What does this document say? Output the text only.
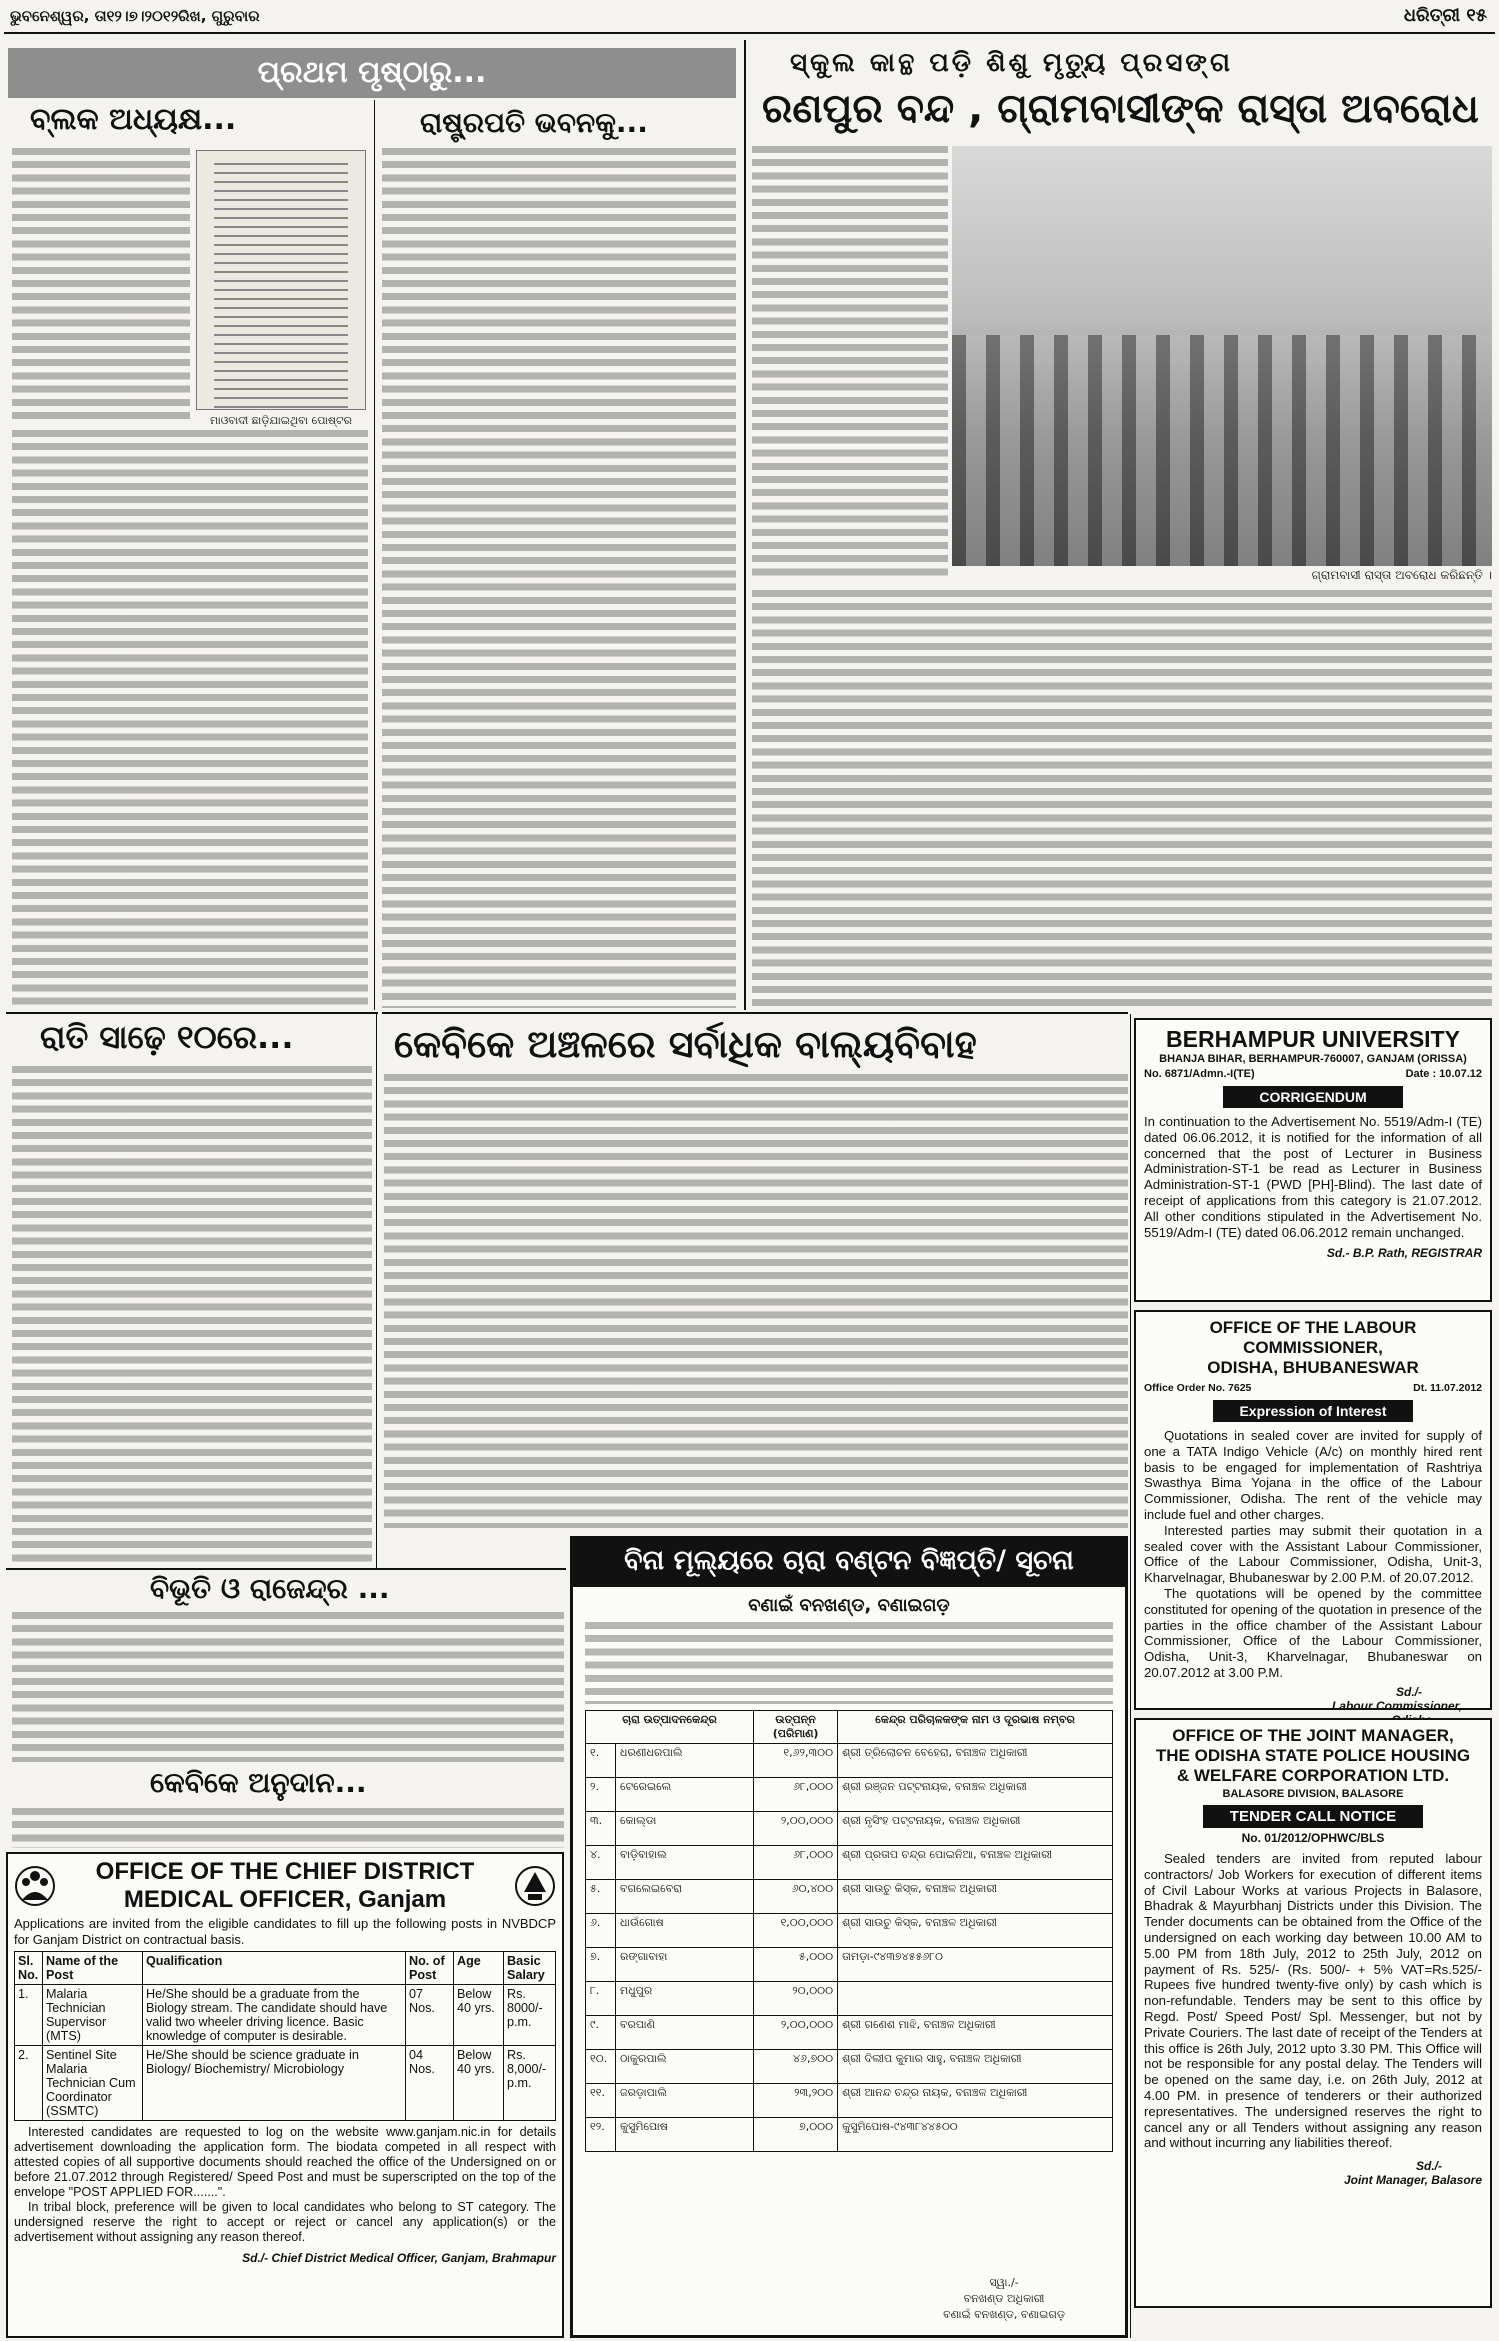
ଭୁବନେଶ୍ୱର, ତା୧୨।୭।୨୦୧୨ରିଖ, ଗୁରୁବାର	ଧରିତ୍ରୀ ୧୫
ପ୍ରଥମ ପୃଷ୍ଠାରୁ...
ବ୍ଲକ ଅଧ୍ୟକ୍ଷ...	ରାଷ୍ଟ୍ରପତି ଭବନକୁ...
ମାଓବାଦୀ ଛାଡ଼ିଯାଇଥିବା ପୋଷ୍ଟର
ରାତି ସାଢ଼େ ୧୦ରେ...
ବିଭୂତି ଓ ରାଜେନ୍ଦ୍ର ...
କେବିକେ ଅନୁଦାନ...
ସ୍କୁଲ କାନ୍ଥ ପଡ଼ି ଶିଶୁ ମୃତ୍ୟୁ ପ୍ରସଙ୍ଗ
ରଣପୁର ବନ୍ଦ , ଗ୍ରାମବାସୀଙ୍କ ରାସ୍ତା ଅବରୋଧ
ଗ୍ରାମବାସୀ ରାସ୍ତା ଅବରୋଧ କରିଛନ୍ତି ।
କେବିକେ ଅଞ୍ଚଳରେ ସର୍ବାଧିକ ବାଲ୍ୟବିବାହ	BERHAMPUR UNIVERSITY
BHANJA BIHAR, BERHAMPUR-760007, GANJAM (ORISSA)
No. 6871/Admn.-I(TE)	Date : 10.07.12
CORRIGENDUM

In continuation to the Advertisement No. 5519/Adm-I (TE) dated 06.06.2012, it is notified for the information of all concerned that the post of Lecturer in Business Administration-ST-1 be read as Lecturer in Business Administration-ST-1 (PWD [PH]-Blind). The last date of receipt of applications from this category is 21.07.2012. All other conditions stipulated in the Advertisement No. 5519/Adm-I (TE) dated 06.06.2012 remain unchanged.

Sd.- B.P. Rath, REGISTRAR
OFFICE OF THE LABOUR COMMISSIONER,
ODISHA, BHUBANESWAR
Office Order No. 7625	Dt. 11.07.2012
Expression of Interest

Quotations in sealed cover are invited for supply of one a TATA Indigo Vehicle (A/c) on monthly hired rent basis to be engaged for implementation of Rashtriya Swasthya Bima Yojana in the office of the Labour Commissioner, Odisha. The rent of the vehicle may include fuel and other charges.

Interested parties may submit their quotation in a sealed cover with the Assistant Labour Commissioner, Office of the Labour Commissioner, Odisha, Unit-3, Kharvelnagar, Bhubaneswar by 2.00 P.M. of 20.07.2012.

The quotations will be opened by the committee constituted for opening of the quotation in presence of the parties in the office chamber of the Assistant Labour Commissioner, Office of the Labour Commissioner, Odisha, Unit-3, Kharvelnagar, Bhubaneswar on 20.07.2012 at 3.00 P.M.

Sd./-
Labour Commissioner,
OFFICE OF THE JOINT MANAGER,
THE ODISHA STATE POLICE HOUSING
& WELFARE CORPORATION LTD.
BALASORE DIVISION, BALASORE
TENDER CALL NOTICE
No. 01/2012/OPHWC/BLS

Sealed tenders are invited from reputed labour contractors/ Job Workers for execution of different items of Civil Labour Works at various Projects in Balasore, Bhadrak & Mayurbhanj Districts under this Division. The Tender documents can be obtained from the Office of the undersigned on each working day between 10.00 AM to 5.00 PM from 18th July, 2012 to 25th July, 2012 on payment of Rs. 525/- (Rs. 500/- + 5% VAT=Rs.525/- Rupees five hundred twenty-five only) by cash which is non-refundable. Tenders may be sent to this office by Regd. Post/ Speed Post/ Spl. Messenger, but not by Private Couriers. The last date of receipt of the Tenders at this office is 26th July, 2012 upto 3.30 PM. This Office will not be responsible for any postal delay. The Tenders will be opened on the same day, i.e. on 26th July, 2012 at 4.00 PM. in presence of tenderers or their authorized representatives. The undersigned reserves the right to cancel any or all Tenders without assigning any reason and without incurring any liabilities thereof.

Sd./-
Joint Manager, Balasore
OFFICE OF THE CHIEF DISTRICT
MEDICAL OFFICER, Ganjam

Applications are invited from the eligible candidates to fill up the following posts in NVBDCP for Ganjam District on contractual basis.

Sl. No.	Name of the Post	Qualification	No. of Post	Age	Basic Salary
1.	Malaria Technician Supervisor (MTS)	He/She should be a graduate from the Biology stream. The candidate should have valid two wheeler driving licence. Basic knowledge of computer is desirable.	07 Nos.	Below 40 yrs.	Rs. 8000/- p.m.
2.	Sentinel Site Malaria Technician Cum Coordinator (SSMTC)	He/She should be science graduate in Biology/ Biochemistry/ Microbiology	04 Nos.	Below 40 yrs.	Rs. 8,000/- p.m.

Interested candidates are requested to log on the website www.ganjam.nic.in for details advertisement downloading the application form. The biodata competed in all respect with attested copies of all supportive documents should reached the office of the Undersigned on or before 21.07.2012 through Registered/ Speed Post and must be superscripted on the top of the envelope "POST APPLIED FOR.......".

In tribal block, preference will be given to local candidates who belong to ST category. The undersigned reserve the right to accept or reject or cancel any application(s) or the advertisement without assigning any reason thereof.

Sd./- Chief District Medical Officer, Ganjam, Brahmapur
ବିନା ମୂଲ୍ୟରେ ଚାରା ବଣ୍ଟନ ବିଜ୍ଞପ୍ତି/ ସୂଚନା
ବଣାଇଁ ବନଖଣ୍ଡ, ବଣାଇଗଡ଼
ଚାରା ଉତ୍ପାଦନକେନ୍ଦ୍ର		ଉତ୍ପନ୍ନ (ପରିମାଣ)	କେନ୍ଦ୍ର ପରିଚାଳକଙ୍କ ନାମ ଓ ଦୂରଭାଷ ନମ୍ବର
୧.	ଧରଣୀଧରପାଲି	୧,୬୨,୩୦୦	ଶ୍ରୀ ତ୍ରିଲୋଚନ ବେହେରା, ବନାଞ୍ଚଳ ଅଧିକାରୀ
୨.	ଟେରେଇଲେ	୬୮,୦୦୦	ଶ୍ରୀ ରଞ୍ଜନ ପଟ୍ଟନାୟକ, ବନାଞ୍ଚଳ ଅଧିକାରୀ
୩.	କୋଲ୍ଡା	୨,୦୦,୦୦୦	ଶ୍ରୀ ନୃସିଂହ ପଟ୍ଟନାୟକ, ବନାଞ୍ଚଳ ଅଧିକାରୀ
୪.	ବାଡ଼ିବାହାଲ	୬୮,୦୦୦	ଶ୍ରୀ ପ୍ରତାପ ଚନ୍ଦ୍ର ପୋଇନିଆ, ବନାଞ୍ଚଳ ଅଧିକାରୀ
୫.	ବଗଲେଇବେରା	୬୦,୪୦୦	ଶ୍ରୀ ସାଉଚୁ କିସ୍କ, ବନାଞ୍ଚଳ ଅଧିକାରୀ
୬.	ଧାଉଁଗୋଷ	୧,୦୦,୦୦୦	ଶ୍ରୀ ସାଉଚୁ କିସ୍କ, ବନାଞ୍ଚଳ ଅଧିକାରୀ
୭.	ରଙ୍ଗାବାହା	୫,୦୦୦	ତାମଡ଼ା-୯୪୩୭୪୫୫୬୮୦
୮.	ମଧୁପୁର	୨୦,୦୦୦	
୯.	ବରପାଣି	୨,୦୦,୦୦୦	ଶ୍ରୀ ଗଣେଶ ମାଝି, ବନାଞ୍ଚଳ ଅଧିକାରୀ
୧୦.	ଠାକୁରପାଲି	୪୬,୭୦୦	ଶ୍ରୀ ଦିଲୀପ କୁମାର ସାହୁ, ବନାଞ୍ଚଳ ଅଧିକାରୀ
୧୧.	ଜରଡ଼ାପାଲି	୨୩,୨୦୦	ଶ୍ରୀ ଆନନ୍ଦ ଚନ୍ଦ୍ର ନାୟକ, ବନାଞ୍ଚଳ ଅଧିକାରୀ
୧୨.	କୁସୁମିପୋଷ	୭,୦୦୦	କୁସୁମିପୋଷ-୯୪୩୮୪୪୫୦୦
ସ୍ୱା./-
ବନଖଣ୍ଡ ଅଧିକାରୀ
ବଣାଇଁ ବନଖଣ୍ଡ, ବଣାଇଗଡ଼
